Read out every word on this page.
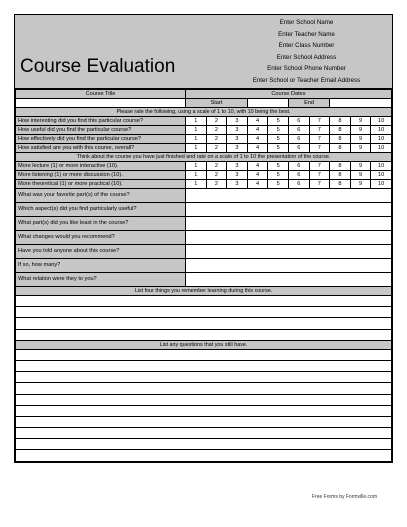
Course Evaluation
Enter School Name
Enter Teacher Name
Enter Class Number
Enter School Address
Enter School Phone Number
Enter School or Teacher Email Address
Course Title	Course Dates									
	Start					End				
Please rate the following, using a scale of 1 to 10, with 10 being the best.										
How interesting did you find this particular course?	1	2	3	4	5	6	7	8	9	10
How useful did you find the particular course?	1	2	3	4	5	6	7	8	9	10
How effectively did you find the particular course?	1	2	3	4	5	6	7	8	9	10
How satisfied are you with this course, overall?	1	2	3	4	5	6	7	8	9	10
Think about the course you have just finished and rate on a scale of 1 to 10 the presentation of the course.										
More lecture (1) or more interactive (10).	1	2	3	4	5	6	7	8	9	10
More listening (1) or more discussion (10).	1	2	3	4	5	6	7	8	9	10
More theoretical (1) or more practical (10).	1	2	3	4	5	6	7	8	9	10
What was your favorite part(s) of the course?										
Which aspect(s) did you find particularly useful?										
What part(s) did you like least in the course?										
What changes would you recommend?										
Have you told anyone about this course?										
If so, how many?										
What relation were they to you?										
List four things you remember learning during this course.										

List any questions that you still have.										

Free Forms by Formville.com
